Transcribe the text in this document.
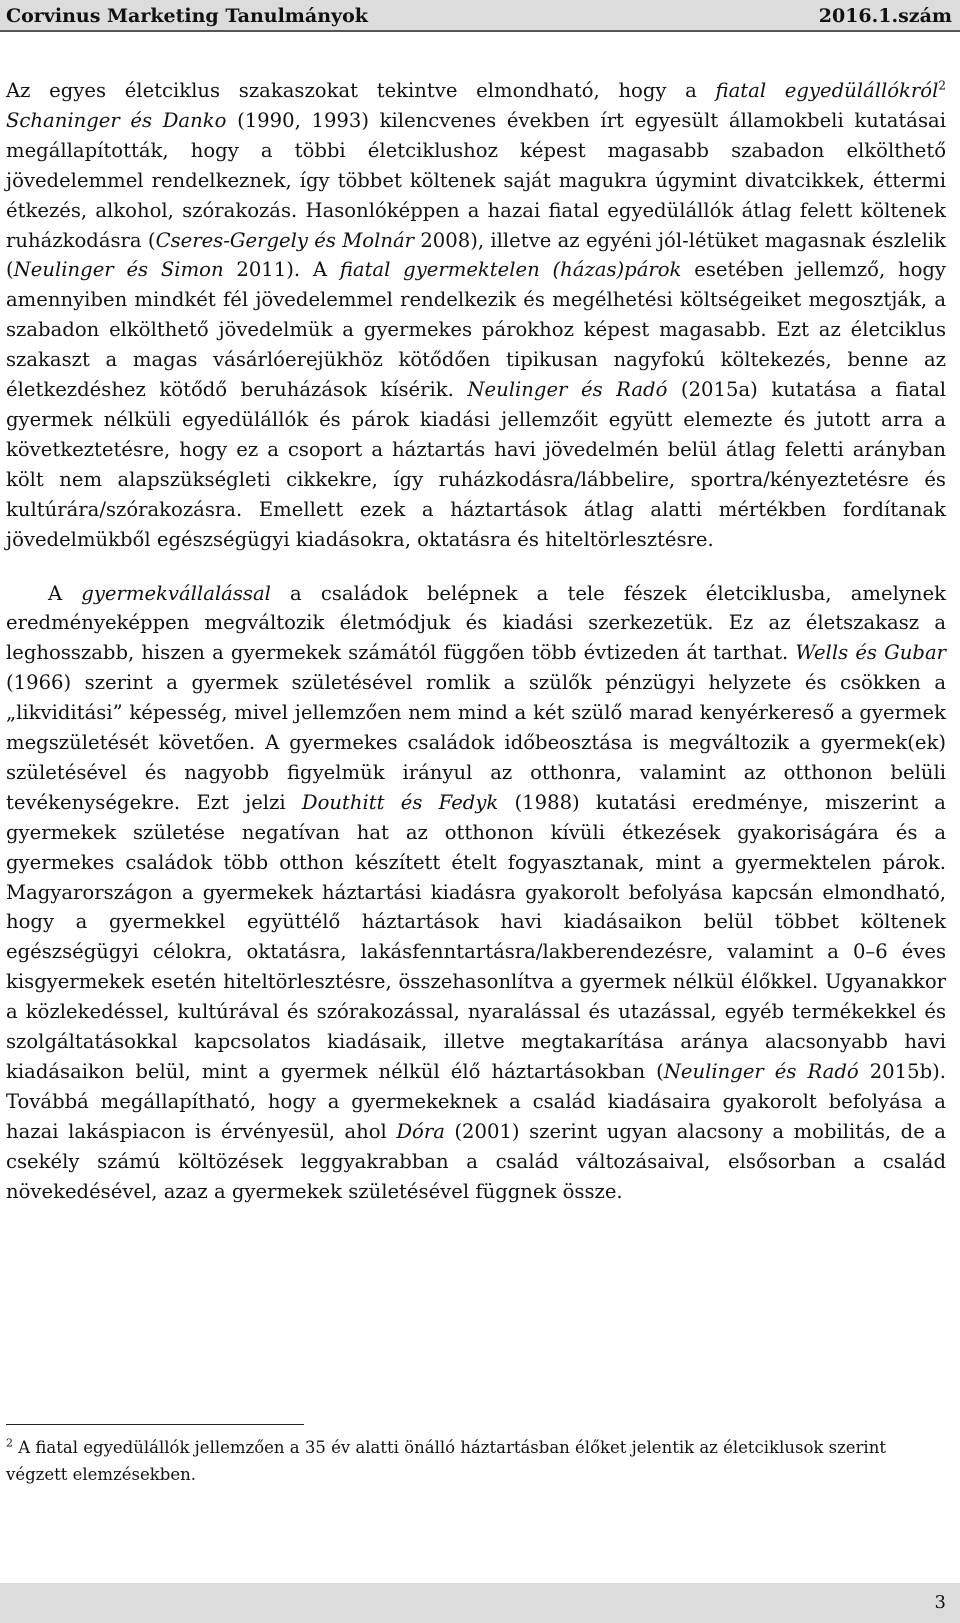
Corvinus Marketing Tanulmányok	2016.1.szám

Az egyes életciklus szakaszokat tekintve elmondható, hogy a fiatal egyedülállókról$^2$ Schaninger és Danko (1990, 1993) kilencvenes években írt egyesült államokbeli kutatásai megállapították, hogy a többi életciklushoz képest magasabb szabadon elkölthető jövedelemmel rendelkeznek, így többet költenek saját magukra úgymint divatcikkek, éttermi étkezés, alkohol, szórakozás. Hasonlóképpen a hazai fiatal egyedülállók átlag felett költenek ruházkodásra (Cseres-Gergely és Molnár 2008), illetve az egyéni jól-létüket magasnak észlelik (Neulinger és Simon 2011). A fiatal gyermektelen (házas)párok esetében jellemző, hogy amennyiben mindkét fél jövedelemmel rendelkezik és megélhetési költségeiket megosztják, a szabadon elkölthető jövedelmük a gyermekes párokhoz képest magasabb. Ezt az életciklus szakaszt a magas vásárlóerejükhöz kötődően tipikusan nagyfokú költekezés, benne az életkezdéshez kötődő beruházások kísérik. Neulinger és Radó (2015a) kutatása a fiatal gyermek nélküli egyedülállók és párok kiadási jellemzőit együtt elemezte és jutott arra a következtetésre, hogy ez a csoport a háztartás havi jövedelmén belül átlag feletti arányban költ nem alapszükségleti cikkekre, így ruházkodásra/lábbelire, sportra/kényeztetésre és kultúrára/szórakozásra. Emellett ezek a háztartások átlag alatti mértékben fordítanak jövedelmükből egészségügyi kiadásokra, oktatásra és hiteltörlesztésre.

A gyermekvállalással a családok belépnek a tele fészek életciklusba, amelynek eredményeképpen megváltozik életmódjuk és kiadási szerkezetük. Ez az életszakasz a leghosszabb, hiszen a gyermekek számától függően több évtizeden át tarthat. Wells és Gubar (1966) szerint a gyermek születésével romlik a szülők pénzügyi helyzete és csökken a „likviditási” képesség, mivel jellemzően nem mind a két szülő marad kenyérkereső a gyermek megszületését követően. A gyermekes családok időbeosztása is megváltozik a gyermek(ek) születésével és nagyobb figyelmük irányul az otthonra, valamint az otthonon belüli tevékenységekre. Ezt jelzi Douthitt és Fedyk (1988) kutatási eredménye, miszerint a gyermekek születése negatívan hat az otthonon kívüli étkezések gyakoriságára és a gyermekes családok több otthon készített ételt fogyasztanak, mint a gyermektelen párok. Magyarországon a gyermekek háztartási kiadásra gyakorolt befolyása kapcsán elmondható, hogy a gyermekkel együttélő háztartások havi kiadásaikon belül többet költenek egészségügyi célokra, oktatásra, lakásfenntartásra/lakberendezésre, valamint a 0–6 éves kisgyermekek esetén hiteltörlesztésre, összehasonlítva a gyermek nélkül élőkkel. Ugyanakkor a közlekedéssel, kultúrával és szórakozással, nyaralással és utazással, egyéb termékekkel és szolgáltatásokkal kapcsolatos kiadásaik, illetve megtakarítása aránya alacsonyabb havi kiadásaikon belül, mint a gyermek nélkül élő háztartásokban (Neulinger és Radó 2015b). Továbbá megállapítható, hogy a gyermekeknek a család kiadásaira gyakorolt befolyása a hazai lakáspiacon is érvényesül, ahol Dóra (2001) szerint ugyan alacsony a mobilitás, de a csekély számú költözések leggyakrabban a család változásaival, elsősorban a család növekedésével, azaz a gyermekek születésével függnek össze.

$^2$ A fiatal egyedülállók jellemzően a 35 év alatti önálló háztartásban élőket jelentik az életciklusok szerint végzett elemzésekben.
3
